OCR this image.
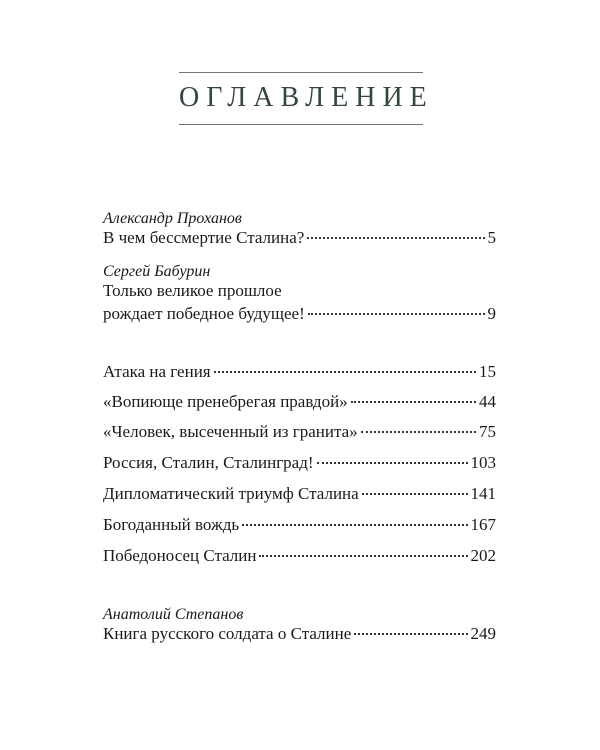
ОГЛАВЛЕНИЕ
Александр Проханов
В чем бессмертие Сталина?	5
Сергей Бабурин
Только великое прошлое
рождает победное будущее!	9
Атака на гения	15
«Вопиюще пренебрегая правдой»	44
«Человек, высеченный из гранита»	75
Россия, Сталин, Сталинград!	103
Дипломатический триумф Сталина	141
Богоданный вождь	167
Победоносец Сталин	202
Анатолий Степанов
Книга русского солдата о Сталине	249
